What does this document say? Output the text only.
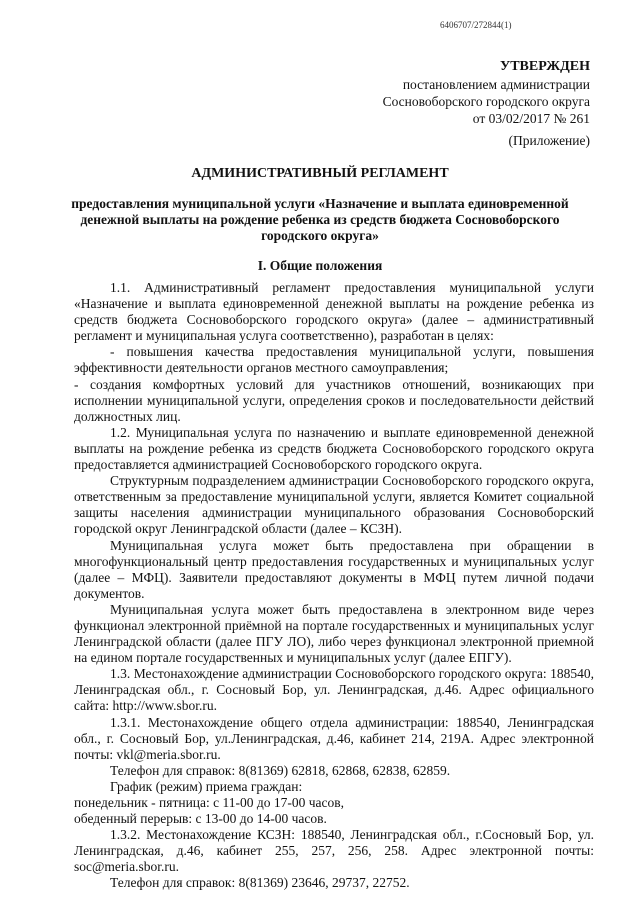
6406707/272844(1)
УТВЕРЖДЕН
постановлением администрации
Сосновоборского городского округа
от 03/02/2017 № 261
(Приложение)
АДМИНИСТРАТИВНЫЙ РЕГЛАМЕНТ
предоставления муниципальной услуги «Назначение и выплата единовременной денежной выплаты на рождение ребенка из средств бюджета Сосновоборского городского округа»
I. Общие положения

1.1. Административный регламент предоставления муниципальной услуги «Назначение и выплата единовременной денежной выплаты на рождение ребенка из средств бюджета Сосновоборского городского округа» (далее – административный регламент и муниципальная услуга соответственно), разработан в целях:

- повышения качества предоставления муниципальной услуги, повышения эффективности деятельности органов местного самоуправления;

- создания комфортных условий для участников отношений, возникающих при исполнении муниципальной услуги, определения сроков и последовательности действий должностных лиц.

1.2. Муниципальная услуга по назначению и выплате единовременной денежной выплаты на рождение ребенка из средств бюджета Сосновоборского городского округа предоставляется администрацией Сосновоборского городского округа.

Структурным подразделением администрации Сосновоборского городского округа, ответственным за предоставление муниципальной услуги, является Комитет социальной защиты населения администрации муниципального образования Сосновоборский городской округ Ленинградской области (далее – КСЗН).

Муниципальная услуга может быть предоставлена при обращении в многофункциональный центр предоставления государственных и муниципальных услуг (далее – МФЦ). Заявители предоставляют документы в МФЦ путем личной подачи документов.

Муниципальная услуга может быть предоставлена в электронном виде через функционал электронной приёмной на портале государственных и муниципальных услуг Ленинградской области (далее ПГУ ЛО), либо через функционал электронной приемной на едином портале государственных и муниципальных услуг (далее ЕПГУ).

1.3. Местонахождение администрации Сосновоборского городского округа: 188540, Ленинградская обл., г. Сосновый Бор, ул. Ленинградская, д.46. Адрес официального сайта: http://www.sbor.ru.

1.3.1. Местонахождение общего отдела администрации: 188540, Ленинградская обл., г. Сосновый Бор, ул.Ленинградская, д.46, кабинет 214, 219А. Адрес электронной почты: vkl@meria.sbor.ru.

Телефон для справок: 8(81369) 62818, 62868, 62838, 62859.

График (режим) приема граждан:

понедельник - пятница: с 11-00 до 17-00 часов,

обеденный перерыв: с 13-00 до 14-00 часов.

1.3.2. Местонахождение КСЗН: 188540, Ленинградская обл., г.Сосновый Бор, ул. Ленинградская, д.46, кабинет 255, 257, 256, 258. Адрес электронной почты: soc@meria.sbor.ru.

Телефон для справок: 8(81369) 23646, 29737, 22752.
